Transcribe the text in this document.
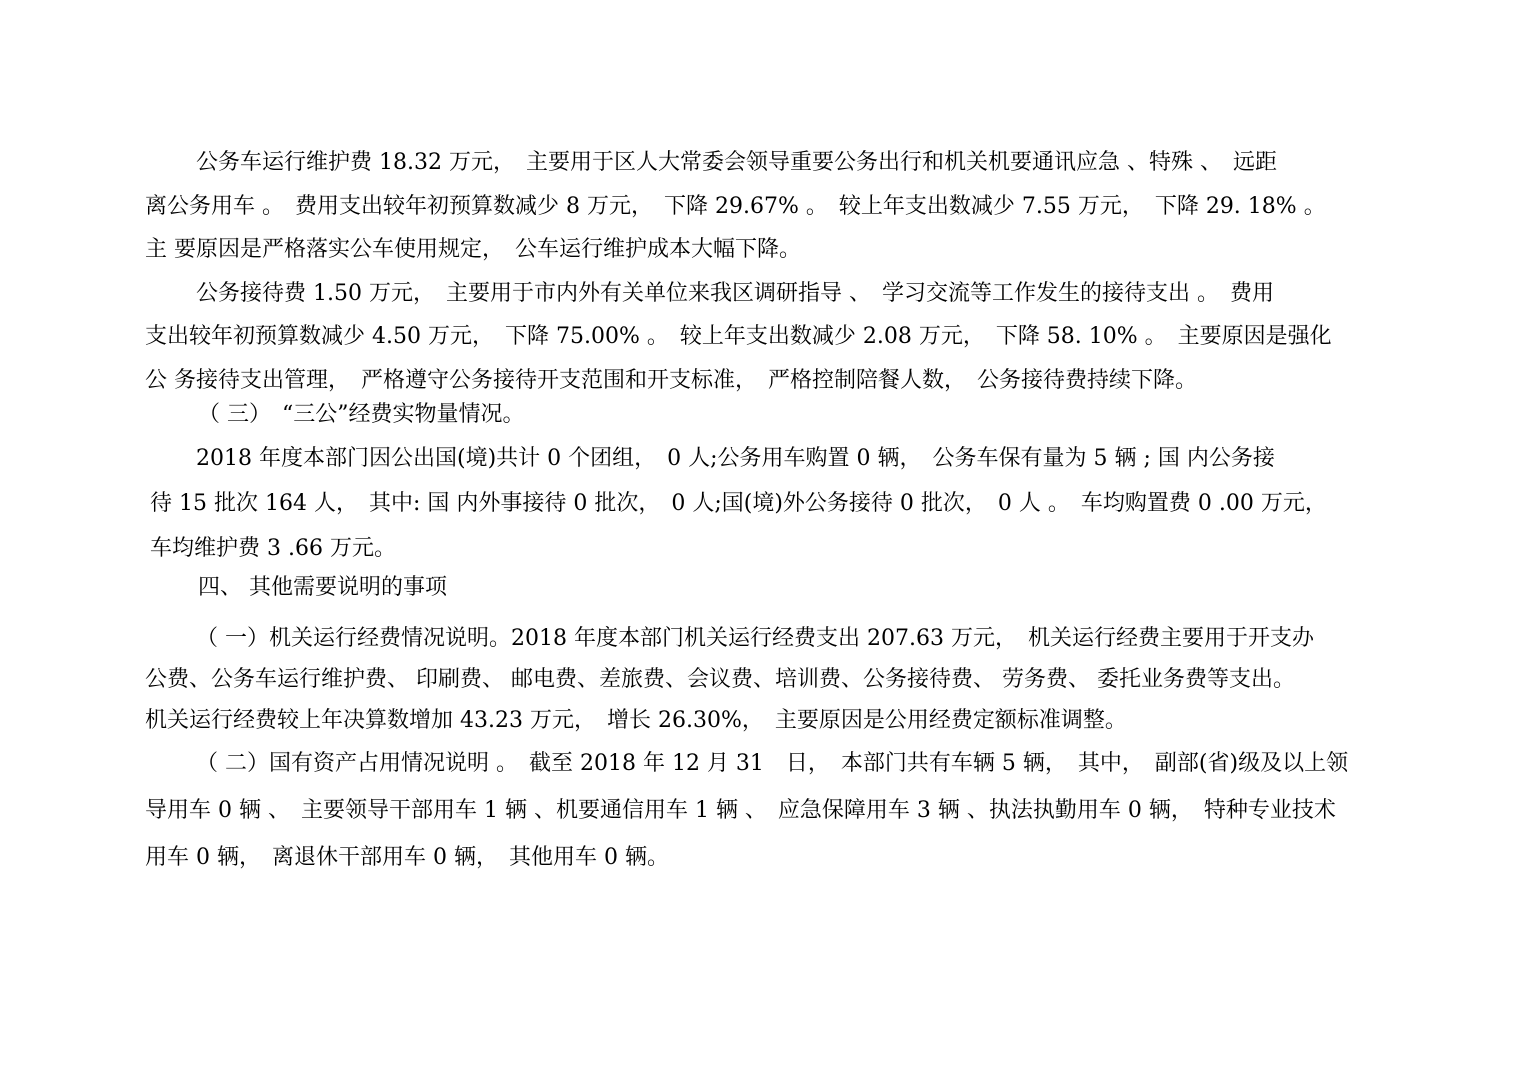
公务车运行维护费 18.32 万元，　主要用于区人大常委会领导重要公务出行和机关机要通讯应急 、特殊 、　远距
离公务用车 。　费用支出较年初预算数减少 8 万元，　下降 29.67% 。　较上年支出数减少 7.55 万元，　下降 29. 18% 。
主 要原因是严格落实公车使用规定，　公车运行维护成本大幅下降。
公务接待费 1.50 万元，　主要用于市内外有关单位来我区调研指导 、　学习交流等工作发生的接待支出 。　费用
支出较年初预算数减少 4.50 万元，　下降 75.00% 。　较上年支出数减少 2.08 万元，　下降 58. 10% 。　主要原因是强化
公 务接待支出管理，　严格遵守公务接待开支范围和开支标准，　严格控制陪餐人数，　公务接待费持续下降。
（ 三）　“三公”经费实物量情况。
2018 年度本部门因公出国(境)共计 0 个团组，　0 人;公务用车购置 0 辆，　公务车保有量为 5 辆 ; 国 内公务接
待 15 批次 164 人，　其中: 国 内外事接待 0 批次，　0 人;国(境)外公务接待 0 批次，　0 人 。　车均购置费 0 .00 万元，
车均维护费 3 .66 万元。
四、 其他需要说明的事项
（ 一）机关运行经费情况说明。2018 年度本部门机关运行经费支出 207.63 万元，　机关运行经费主要用于开支办
公费、公务车运行维护费、 印刷费、 邮电费、差旅费、会议费、培训费、公务接待费、 劳务费、 委托业务费等支出。
机关运行经费较上年决算数增加 43.23 万元，　增长 26.30%，　主要原因是公用经费定额标准调整。
（ 二）国有资产占用情况说明 。　截至 2018 年 12 月 31　日，　本部门共有车辆 5 辆，　其中，　副部(省)级及以上领
导用车 0 辆 、　主要领导干部用车 1 辆 、机要通信用车 1 辆 、　应急保障用车 3 辆 、执法执勤用车 0 辆，　特种专业技术
用车 0 辆，　离退休干部用车 0 辆，　其他用车 0 辆。
